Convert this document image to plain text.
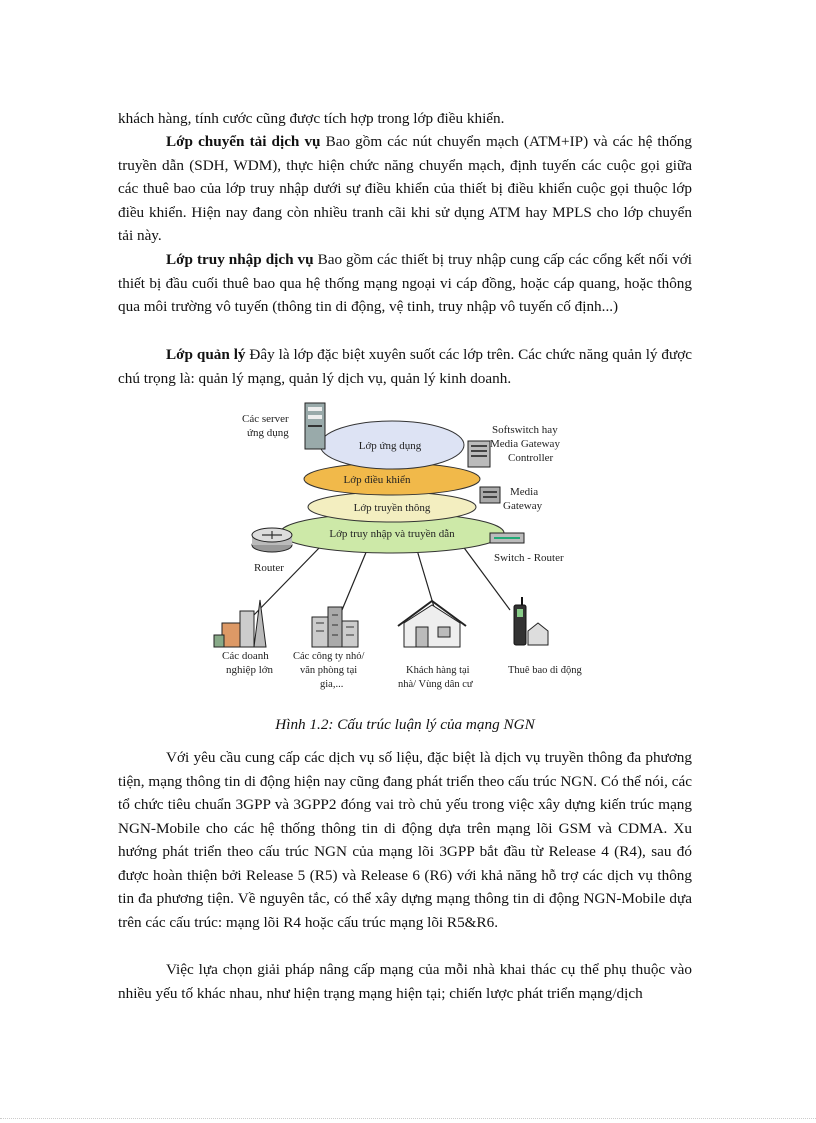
khách hàng, tính cước cũng được tích hợp trong lớp điều khiển.

Lớp chuyển tải dịch vụ Bao gồm các nút chuyển mạch (ATM+IP) và các hệ thống truyền dẫn (SDH, WDM), thực hiện chức năng chuyển mạch, định tuyến các cuộc gọi giữa các thuê bao của lớp truy nhập dưới sự điều khiển của thiết bị điều khiển cuộc gọi thuộc lớp điều khiển. Hiện nay đang còn nhiều tranh cãi khi sử dụng ATM hay MPLS cho lớp chuyển tải này.

Lớp truy nhập dịch vụ Bao gồm các thiết bị truy nhập cung cấp các cổng kết nối với thiết bị đầu cuối thuê bao qua hệ thống mạng ngoại vi cáp đồng, hoặc cáp quang, hoặc thông qua môi trường vô tuyến (thông tin di động, vệ tinh, truy nhập vô tuyến cố định...)

Lớp quản lý Đây là lớp đặc biệt xuyên suốt các lớp trên. Các chức năng quản lý được chú trọng là: quản lý mạng, quản lý dịch vụ, quản lý kinh doanh.

Lớp truy nhập và truyền dẫn
Lớp truyền thông
Lớp điều khiển
Lớp ứng dụng
Các server
ứng dụng	Softswitch hay
Media Gateway
Controller
Media
Gateway
Router
Switch - Router
Các doanh
nghiệp lớn
Các công ty nhỏ/
văn phòng tại
gia,...
Khách hàng tại
nhà/ Vùng dân cư
Thuê bao di động
Hình 1.2: Cấu trúc luận lý của mạng NGN

Với yêu cầu cung cấp các dịch vụ số liệu, đặc biệt là dịch vụ truyền thông đa phương tiện, mạng thông tin di động hiện nay cũng đang phát triển theo cấu trúc NGN. Có thể nói, các tổ chức tiêu chuẩn 3GPP và 3GPP2 đóng vai trò chủ yếu trong việc xây dựng kiến trúc mạng NGN-Mobile cho các hệ thống thông tin di động dựa trên mạng lõi GSM và CDMA. Xu hướng phát triển theo cấu trúc NGN của mạng lõi 3GPP bắt đầu từ Release 4 (R4), sau đó được hoàn thiện bởi Release 5 (R5) và Release 6 (R6) với khả năng hỗ trợ các dịch vụ thông tin đa phương tiện. Về nguyên tắc, có thể xây dựng mạng thông tin di động NGN-Mobile dựa trên các cấu trúc: mạng lõi R4 hoặc cấu trúc mạng lõi R5&R6.

Việc lựa chọn giải pháp nâng cấp mạng của mỗi nhà khai thác cụ thể phụ thuộc vào nhiều yếu tố khác nhau, như hiện trạng mạng hiện tại; chiến lược phát triển mạng/dịch
